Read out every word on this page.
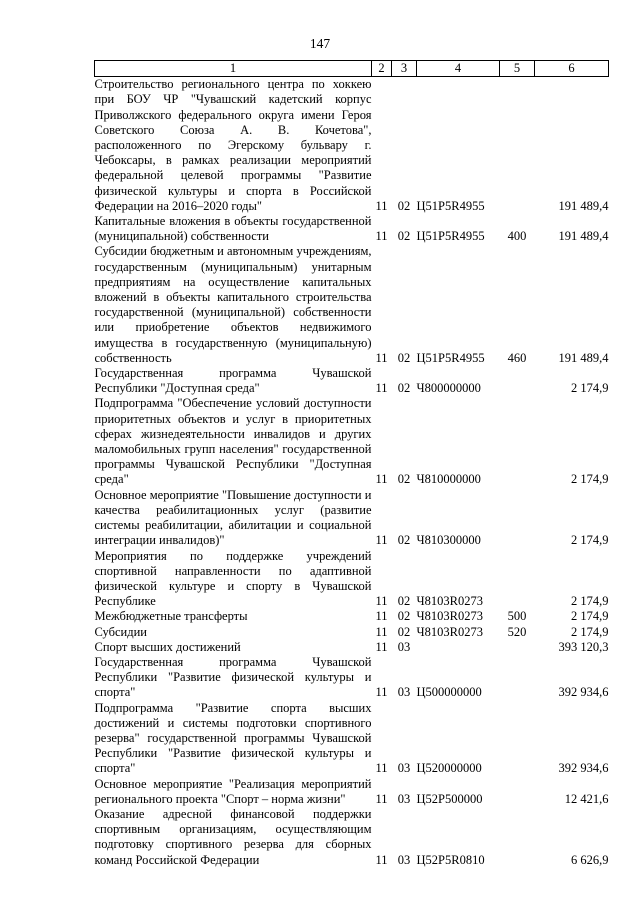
147
1	2	3	4	5	6
Строительство регионального центра по хоккею при БОУ ЧР "Чувашский кадетский корпус Приволжского федерального округа имени Героя Советского Союза А. В. Кочетова", расположенного по Эгерскому бульвару г. Чебоксары, в рамках реализации мероприятий федеральной целевой программы "Развитие физической культуры и спорта в Российской Федерации на 2016–2020 годы"	11	02	Ц51P5R4955		191 489,4
Капитальные вложения в объекты государственной (муниципальной) собственности	11	02	Ц51P5R4955	400	191 489,4
Субсидии бюджетным и автономным учреждениям, государственным (муниципальным) унитарным предприятиям на осуществление капитальных вложений в объекты капитального строительства государственной (муниципальной) собственности или приобретение объектов недвижимого имущества в государственную (муниципальную) собственность	11	02	Ц51P5R4955	460	191 489,4
Государственная программа Чувашской Республики "Доступная среда"	11	02	Ч800000000		2 174,9
Подпрограмма "Обеспечение условий доступности приоритетных объектов и услуг в приоритетных сферах жизнедеятельности инвалидов и других маломобильных групп населения" государственной программы Чувашской Республики "Доступная среда"	11	02	Ч810000000		2 174,9
Основное мероприятие "Повышение доступности и качества реабилитационных услуг (развитие системы реабилитации, абилитации и социальной интеграции инвалидов)"	11	02	Ч810300000		2 174,9
Мероприятия по поддержке учреждений спортивной направленности по адаптивной физической культуре и спорту в Чувашской Республике	11	02	Ч8103R0273		2 174,9
Межбюджетные трансферты	11	02	Ч8103R0273	500	2 174,9
Субсидии	11	02	Ч8103R0273	520	2 174,9
Спорт высших достижений	11	03			393 120,3
Государственная программа Чувашской Республики "Развитие физической культуры и спорта"	11	03	Ц500000000		392 934,6
Подпрограмма "Развитие спорта высших достижений и системы подготовки спортивного резерва" государственной программы Чувашской Республики "Развитие физической культуры и спорта"	11	03	Ц520000000		392 934,6
Основное мероприятие "Реализация мероприятий регионального проекта "Спорт – норма жизни"	11	03	Ц52P500000		12 421,6
Оказание адресной финансовой поддержки спортивным организациям, осуществляющим подготовку спортивного резерва для сборных команд Российской Федерации	11	03	Ц52P5R0810		6 626,9
